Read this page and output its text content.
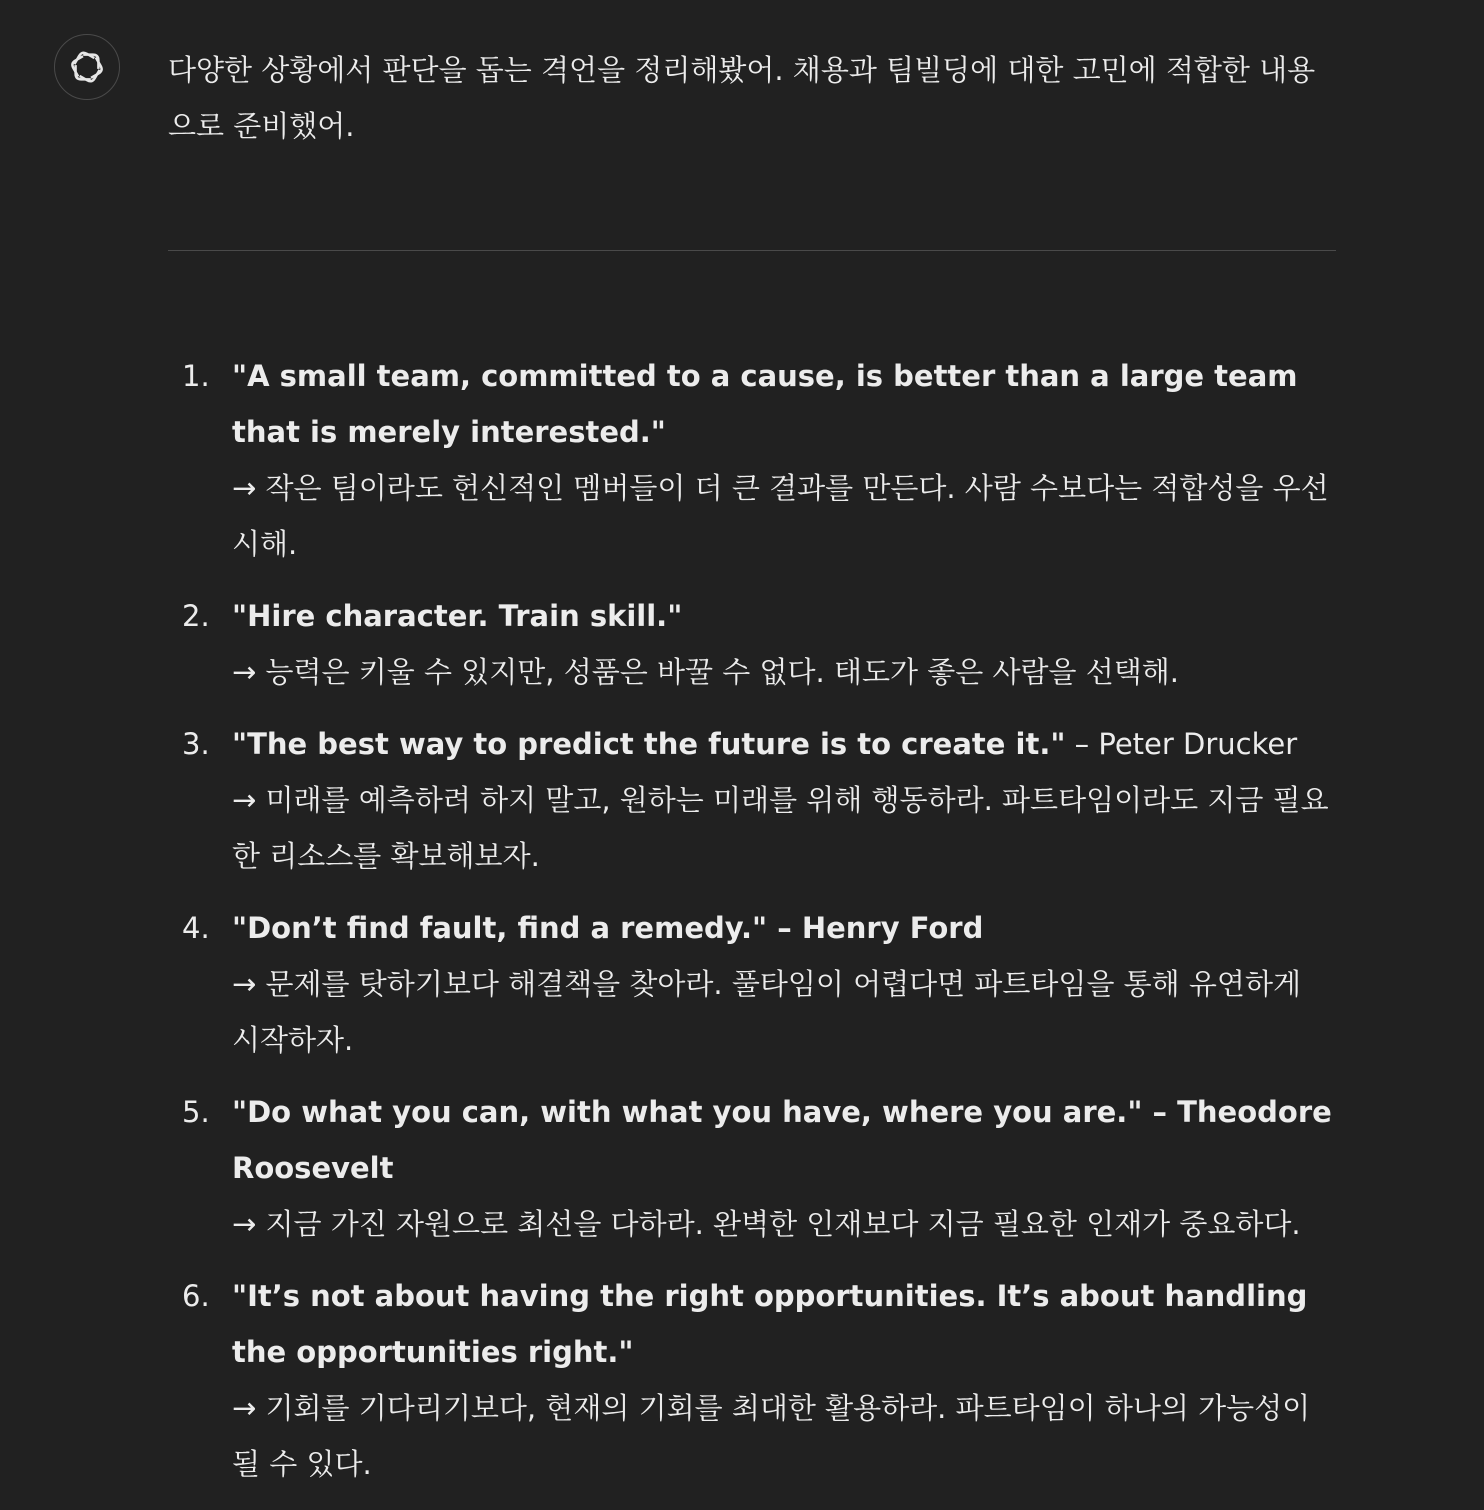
다양한 상황에서 판단을 돕는 격언을 정리해봤어. 채용과 팀빌딩에 대한 고민에 적합한 내용으로 준비했어.

1. "A small team, committed to a cause, is better than a large team that is merely interested."
→ 작은 팀이라도 헌신적인 멤버들이 더 큰 결과를 만든다. 사람 수보다는 적합성을 우선시해.
2. "Hire character. Train skill."
→ 능력은 키울 수 있지만, 성품은 바꿀 수 없다. 태도가 좋은 사람을 선택해.
3. "The best way to predict the future is to create it." – Peter Drucker
→ 미래를 예측하려 하지 말고, 원하는 미래를 위해 행동하라. 파트타임이라도 지금 필요한 리소스를 확보해보자.
4. "Don’t find fault, find a remedy." – Henry Ford
→ 문제를 탓하기보다 해결책을 찾아라. 풀타임이 어렵다면 파트타임을 통해 유연하게 시작하자.
5. "Do what you can, with what you have, where you are." – Theodore Roosevelt
→ 지금 가진 자원으로 최선을 다하라. 완벽한 인재보다 지금 필요한 인재가 중요하다.
6. "It’s not about having the right opportunities. It’s about handling the opportunities right."
→ 기회를 기다리기보다, 현재의 기회를 최대한 활용하라. 파트타임이 하나의 가능성이 될 수 있다.
